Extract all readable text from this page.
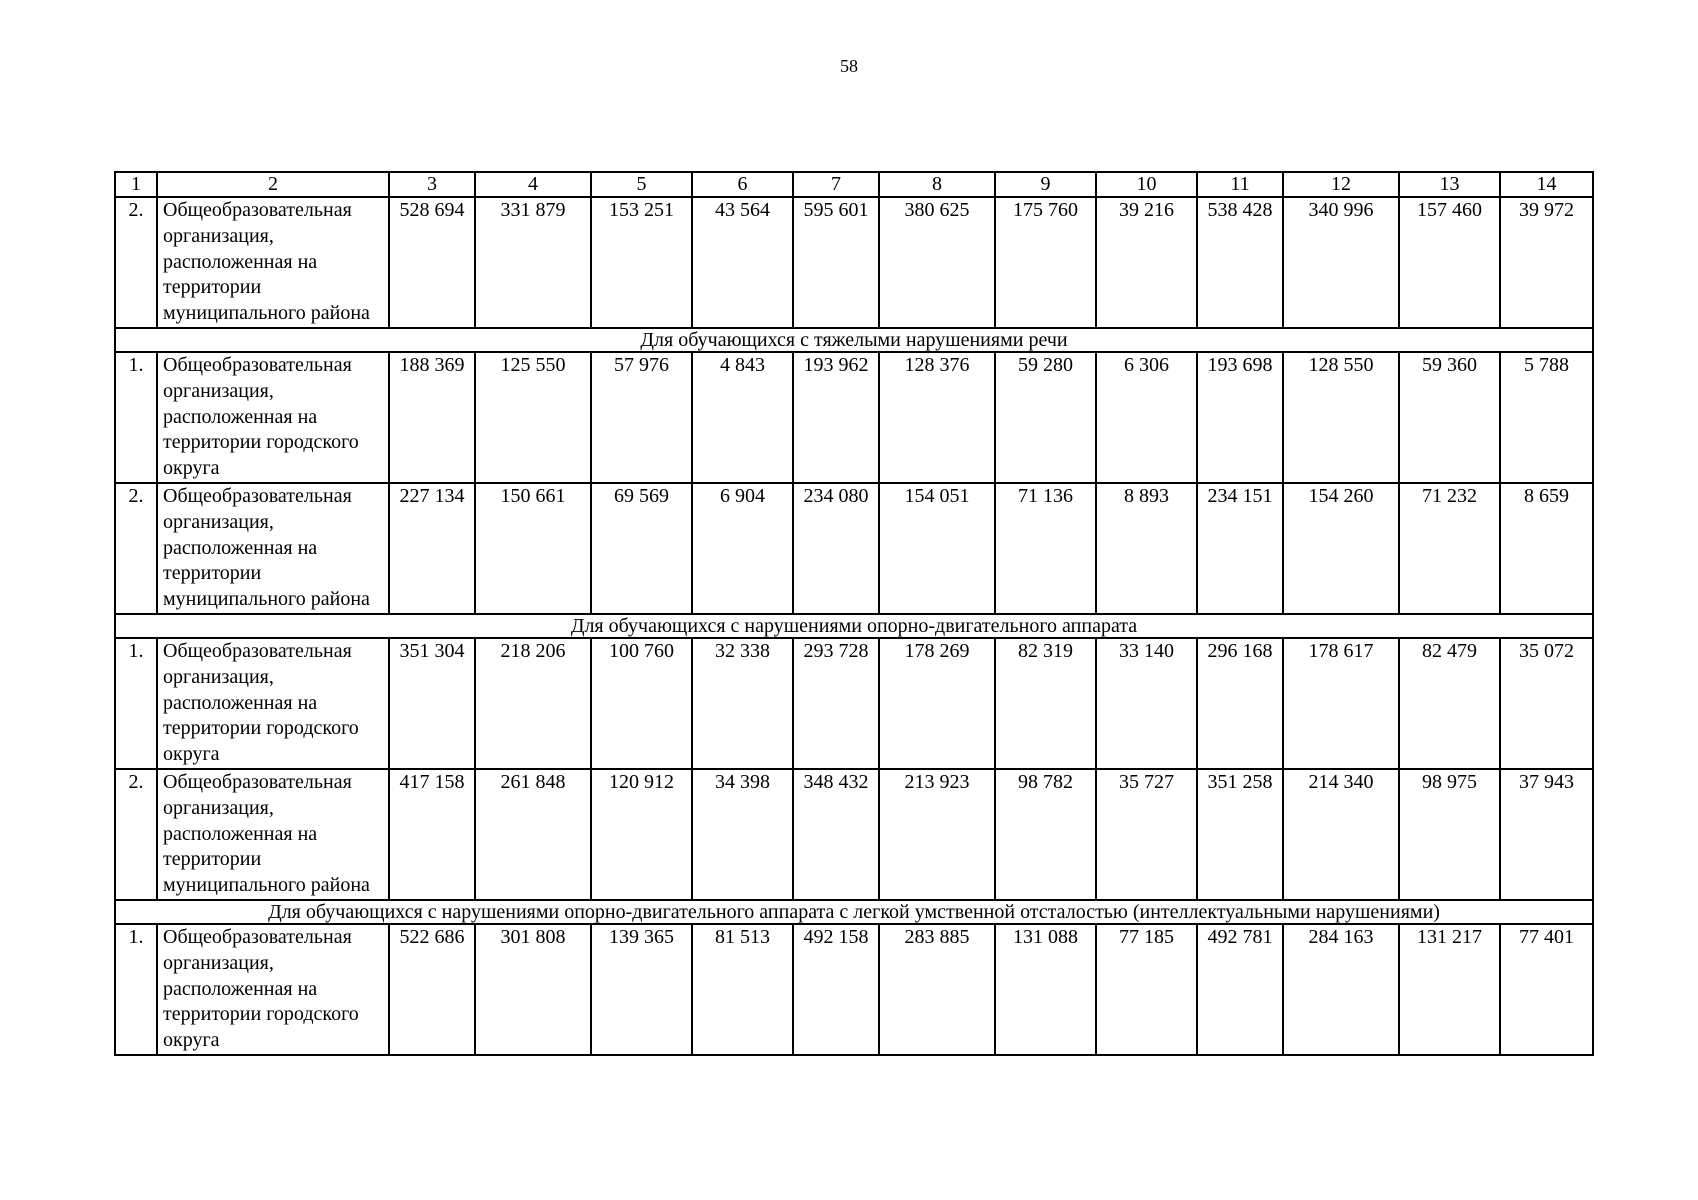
58
1	2	3	4	5	6	7	8	9	10	11	12	13	14
2.	Общеобразовательная организация, расположенная на территории муниципального района	528 694	331 879	153 251	43 564	595 601	380 625	175 760	39 216	538 428	340 996	157 460	39 972
Для обучающихся с тяжелыми нарушениями речи													
1.	Общеобразовательная организация, расположенная на территории городского округа	188 369	125 550	57 976	4 843	193 962	128 376	59 280	6 306	193 698	128 550	59 360	5 788
2.	Общеобразовательная организация, расположенная на территории муниципального района	227 134	150 661	69 569	6 904	234 080	154 051	71 136	8 893	234 151	154 260	71 232	8 659
Для обучающихся с нарушениями опорно-двигательного аппарата													
1.	Общеобразовательная организация, расположенная на территории городского округа	351 304	218 206	100 760	32 338	293 728	178 269	82 319	33 140	296 168	178 617	82 479	35 072
2.	Общеобразовательная организация, расположенная на территории муниципального района	417 158	261 848	120 912	34 398	348 432	213 923	98 782	35 727	351 258	214 340	98 975	37 943
Для обучающихся с нарушениями опорно-двигательного аппарата с легкой умственной отсталостью (интеллектуальными нарушениями)													
1.	Общеобразовательная организация, расположенная на территории городского округа	522 686	301 808	139 365	81 513	492 158	283 885	131 088	77 185	492 781	284 163	131 217	77 401
